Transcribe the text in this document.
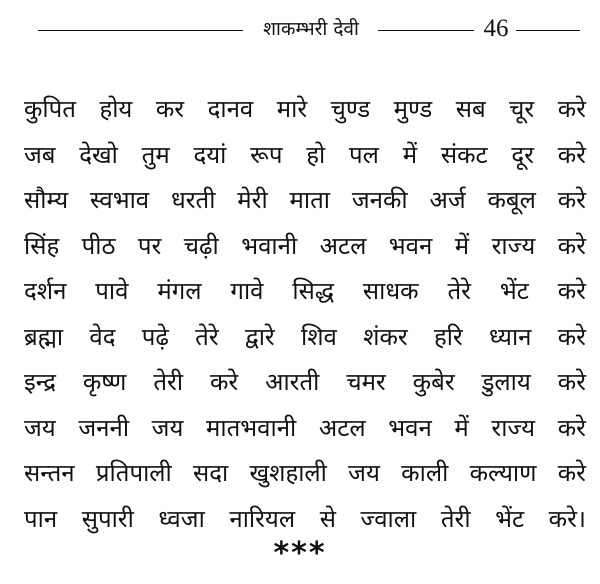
शाकम्भरी देवी	46
कुपित होय कर दानव मारे चुण्ड मुण्ड सब चूर करे
जब देखो तुम दयां रूप हो पल में संकट दूर करे
सौम्य स्वभाव धरती मेरी माता जनकी अर्ज कबूल करे
सिंह पीठ पर चढ़ी भवानी अटल भवन में राज्य करे
दर्शन पावे मंगल गावे सिद्ध साधक तेरे भेंट करे
ब्रह्मा वेद पढ़े तेरे द्वारे शिव शंकर हरि ध्यान करे
इन्द्र कृष्ण तेरी करे आरती चमर कुबेर डुलाय करे
जय जननी जय मातभवानी अटल भवन में राज्य करे
सन्तन प्रतिपाली सदा खुशहाली जय काली कल्याण करे
पान सुपारी ध्वजा नारियल से ज्वाला तेरी भेंट करे।
***
